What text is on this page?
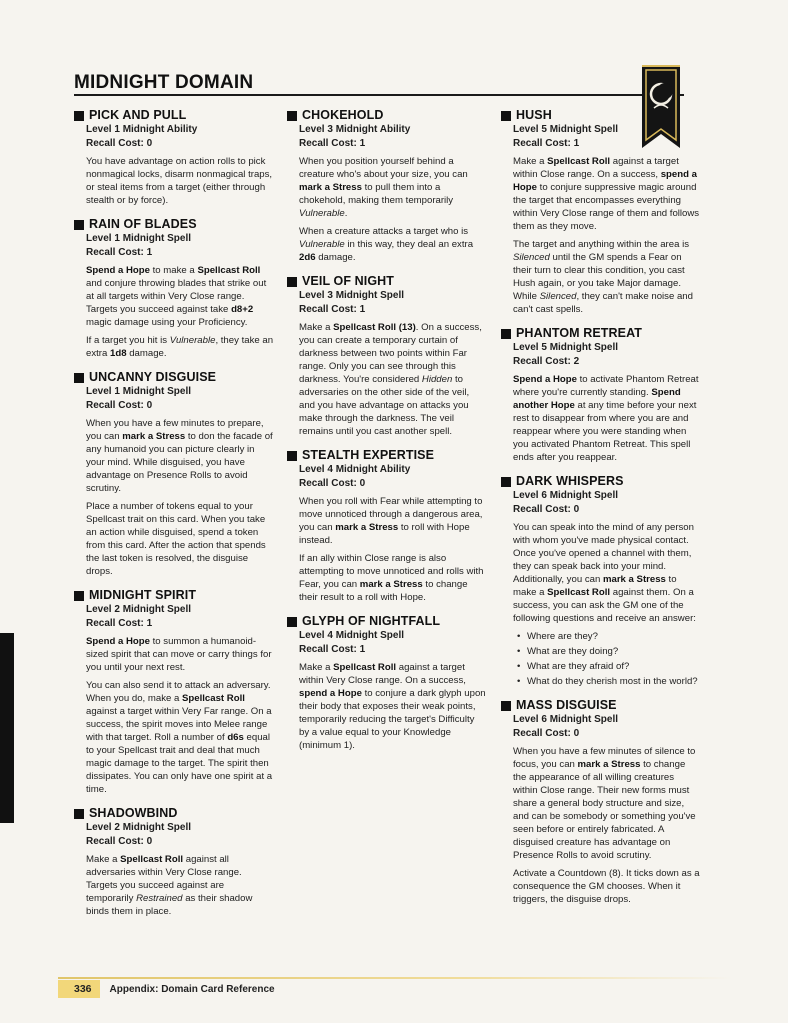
MIDNIGHT DOMAIN
PICK AND PULL
Level 1 Midnight Ability
Recall Cost: 0

You have advantage on action rolls to pick nonmagical locks, disarm nonmagical traps, or steal items from a target (either through stealth or by force).

RAIN OF BLADES
Level 1 Midnight Spell
Recall Cost: 1

Spend a Hope to make a Spellcast Roll and conjure throwing blades that strike out at all targets within Very Close range. Targets you succeed against take d8+2 magic damage using your Proficiency.

If a target you hit is Vulnerable, they take an extra 1d8 damage.

UNCANNY DISGUISE
Level 1 Midnight Spell
Recall Cost: 0

When you have a few minutes to prepare, you can mark a Stress to don the facade of any humanoid you can picture clearly in your mind. While disguised, you have advantage on Presence Rolls to avoid scrutiny.

Place a number of tokens equal to your Spellcast trait on this card. When you take an action while disguised, spend a token from this card. After the action that spends the last token is resolved, the disguise drops.

MIDNIGHT SPIRIT
Level 2 Midnight Spell
Recall Cost: 1

Spend a Hope to summon a humanoid-sized spirit that can move or carry things for you until your next rest.

You can also send it to attack an adversary. When you do, make a Spellcast Roll against a target within Very Far range. On a success, the spirit moves into Melee range with that target. Roll a number of d6s equal to your Spellcast trait and deal that much magic damage to the target. The spirit then dissipates. You can only have one spirit at a time.

SHADOWBIND
Level 2 Midnight Spell
Recall Cost: 0

Make a Spellcast Roll against all adversaries within Very Close range. Targets you succeed against are temporarily Restrained as their shadow binds them in place.

CHOKEHOLD
Level 3 Midnight Ability
Recall Cost: 1

When you position yourself behind a creature who's about your size, you can mark a Stress to pull them into a chokehold, making them temporarily Vulnerable.

When a creature attacks a target who is Vulnerable in this way, they deal an extra 2d6 damage.

VEIL OF NIGHT
Level 3 Midnight Spell
Recall Cost: 1

Make a Spellcast Roll (13). On a success, you can create a temporary curtain of darkness between two points within Far range. Only you can see through this darkness. You're considered Hidden to adversaries on the other side of the veil, and you have advantage on attacks you make through the darkness. The veil remains until you cast another spell.

STEALTH EXPERTISE
Level 4 Midnight Ability
Recall Cost: 0

When you roll with Fear while attempting to move unnoticed through a dangerous area, you can mark a Stress to roll with Hope instead.

If an ally within Close range is also attempting to move unnoticed and rolls with Fear, you can mark a Stress to change their result to a roll with Hope.

GLYPH OF NIGHTFALL
Level 4 Midnight Spell
Recall Cost: 1

Make a Spellcast Roll against a target within Very Close range. On a success, spend a Hope to conjure a dark glyph upon their body that exposes their weak points, temporarily reducing the target's Difficulty by a value equal to your Knowledge (minimum 1).

HUSH
Level 5 Midnight Spell
Recall Cost: 1

Make a Spellcast Roll against a target within Close range. On a success, spend a Hope to conjure suppressive magic around the target that encompasses everything within Very Close range of them and follows them as they move.

The target and anything within the area is Silenced until the GM spends a Fear on their turn to clear this condition, you cast Hush again, or you take Major damage. While Silenced, they can't make noise and can't cast spells.

PHANTOM RETREAT
Level 5 Midnight Spell
Recall Cost: 2

Spend a Hope to activate Phantom Retreat where you're currently standing. Spend another Hope at any time before your next rest to disappear from where you are and reappear where you were standing when you activated Phantom Retreat. This spell ends after you reappear.

DARK WHISPERS
Level 6 Midnight Spell
Recall Cost: 0

You can speak into the mind of any person with whom you've made physical contact. Once you've opened a channel with them, they can speak back into your mind. Additionally, you can mark a Stress to make a Spellcast Roll against them. On a success, you can ask the GM one of the following questions and receive an answer:

• Where are they?
• What are they doing?
• What are they afraid of?
• What do they cherish most in the world?
MASS DISGUISE
Level 6 Midnight Spell
Recall Cost: 0

When you have a few minutes of silence to focus, you can mark a Stress to change the appearance of all willing creatures within Close range. Their new forms must share a general body structure and size, and can be somebody or something you've seen before or entirely fabricated. A disguised creature has advantage on Presence Rolls to avoid scrutiny.

Activate a Countdown (8). It ticks down as a consequence the GM chooses. When it triggers, the disguise drops.

336	Appendix: Domain Card Reference
